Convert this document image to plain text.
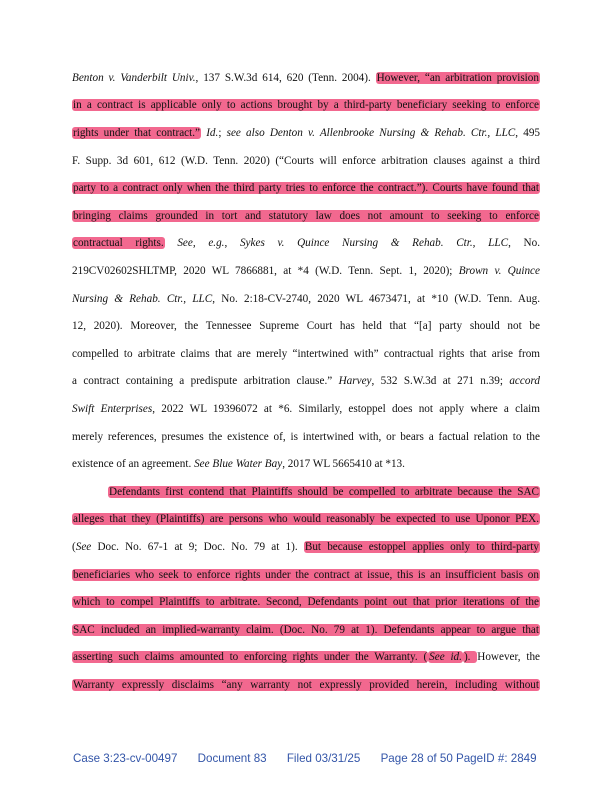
Benton v. Vanderbilt Univ., 137 S.W.3d 614, 620 (Tenn. 2004). However, “an arbitration provision
in a contract is applicable only to actions brought by a third-party beneficiary seeking to enforce
rights under that contract.” Id.; see also Denton v. Allenbrooke Nursing & Rehab. Ctr., LLC, 495
F. Supp. 3d 601, 612 (W.D. Tenn. 2020) (“Courts will enforce arbitration clauses against a third
party to a contract only when the third party tries to enforce the contract.”). Courts have found that
bringing claims grounded in tort and statutory law does not amount to seeking to enforce
contractual rights. See, e.g., Sykes v. Quince Nursing & Rehab. Ctr., LLC, No.
219CV02602SHLTMP, 2020 WL 7866881, at *4 (W.D. Tenn. Sept. 1, 2020); Brown v. Quince
Nursing & Rehab. Ctr., LLC, No. 2:18-CV-2740, 2020 WL 4673471, at *10 (W.D. Tenn. Aug.
12, 2020). Moreover, the Tennessee Supreme Court has held that “[a] party should not be
compelled to arbitrate claims that are merely “intertwined with” contractual rights that arise from
a contract containing a predispute arbitration clause.” Harvey, 532 S.W.3d at 271 n.39; accord
Swift Enterprises, 2022 WL 19396072 at *6. Similarly, estoppel does not apply where a claim
merely references, presumes the existence of, is intertwined with, or bears a factual relation to the
existence of an agreement. See Blue Water Bay, 2017 WL 5665410 at *13.
Defendants first contend that Plaintiffs should be compelled to arbitrate because the SAC
alleges that they (Plaintiffs) are persons who would reasonably be expected to use Uponor PEX.
(See Doc. No. 67-1 at 9; Doc. No. 79 at 1). But because estoppel applies only to third-party
beneficiaries who seek to enforce rights under the contract at issue, this is an insufficient basis on
which to compel Plaintiffs to arbitrate. Second, Defendants point out that prior iterations of the
SAC included an implied-warranty claim. (Doc. No. 79 at 1). Defendants appear to argue that
asserting such claims amounted to enforcing rights under the Warranty. ( See id. ). However, the
Warranty expressly disclaims “any warranty not expressly provided herein, including without
Case 3:23-cv-00497 Document 83 Filed 03/31/25 Page 28 of 50 PageID #: 2849
